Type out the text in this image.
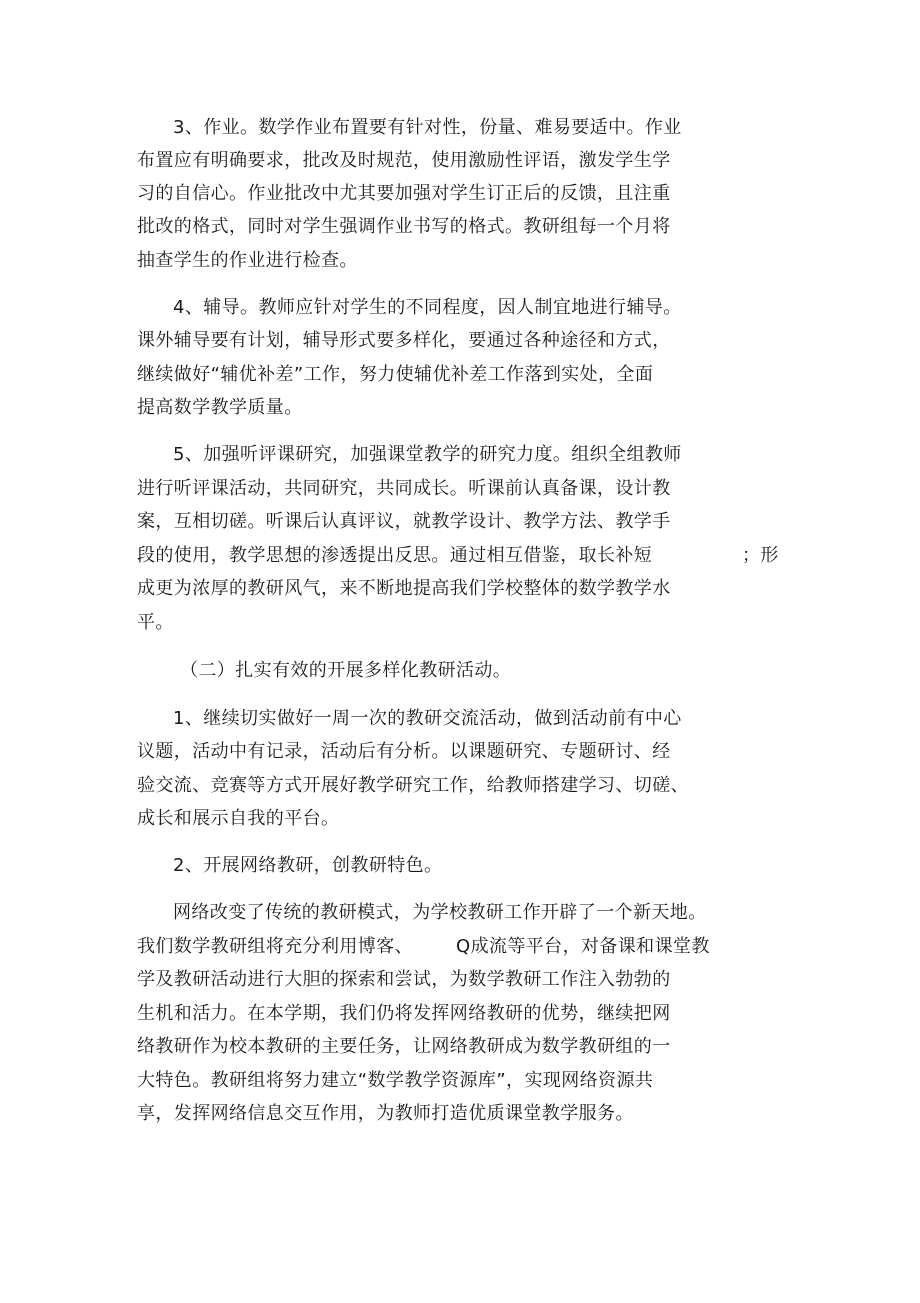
3、作业。数学作业布置要有针对性，份量、难易要适中。作业
布置应有明确要求，批改及时规范，使用激励性评语，激发学生学
习的自信心。作业批改中尤其要加强对学生订正后的反馈，且注重
批改的格式，同时对学生强调作业书写的格式。教研组每一个月将
抽查学生的作业进行检查。
4、辅导。教师应针对学生的不同程度，因人制宜地进行辅导。
课外辅导要有计划，辅导形式要多样化，要通过各种途径和方式，
继续做好“辅优补差”工作，努力使辅优补差工作落到实处，全面
提高数学教学质量。
5、加强听评课研究，加强课堂教学的研究力度。组织全组教师
进行听评课活动，共同研究，共同成长。听课前认真备课，设计教
案，互相切磋。听课后认真评议，就教学设计、教学方法、教学手
段的使用，教学思想的渗透提出反思。通过相互借鉴，取长补短	；形
成更为浓厚的教研风气，来不断地提高我们学校整体的数学教学水
平。
（二）扎实有效的开展多样化教研活动。
1、继续切实做好一周一次的教研交流活动，做到活动前有中心
议题，活动中有记录，活动后有分析。以课题研究、专题研讨、经
验交流、竞赛等方式开展好教学研究工作，给教师搭建学习、切磋、
成长和展示自我的平台。
2、开展网络教研，创教研特色。
网络改变了传统的教研模式，为学校教研工作开辟了一个新天地。
我们数学教研组将充分利用博客、 Q成流等平台，对备课和课堂教
学及教研活动进行大胆的探索和尝试，为数学教研工作注入勃勃的
生机和活力。在本学期，我们仍将发挥网络教研的优势，继续把网
络教研作为校本教研的主要任务，让网络教研成为数学教研组的一
大特色。教研组将努力建立“数学教学资源库”，实现网络资源共
享，发挥网络信息交互作用，为教师打造优质课堂教学服务。
